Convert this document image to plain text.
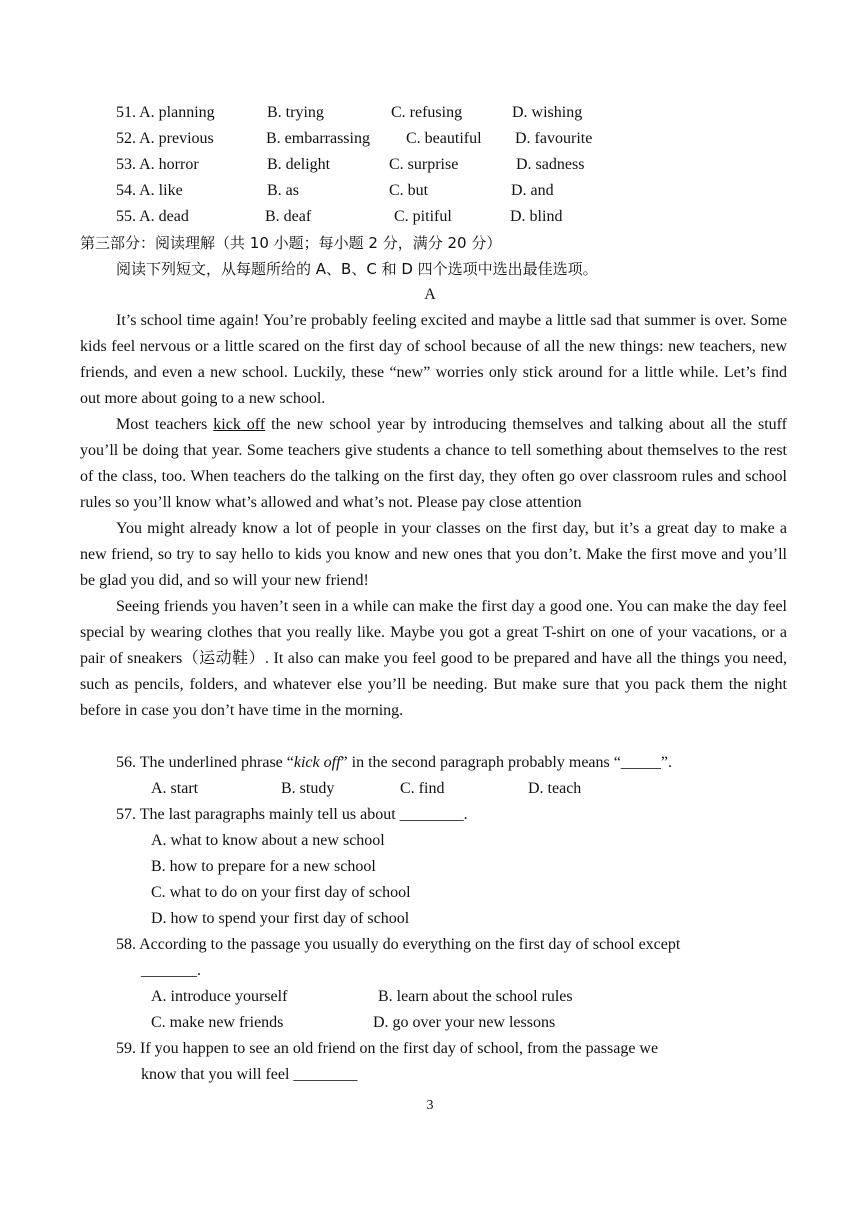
51. A. planning	B. trying	C. refusing	D. wishing
52. A. previous	B. embarrassing C. beautiful D. favourite
53. A. horror	B. delight	C. surprise	D. sadness
54. A. like	B. as	C. but	D. and
55. A. dead	B. deaf	C. pitiful	D. blind
第三部分：阅读理解（共 10 小题；每小题 2 分，满分 20 分）
阅读下列短文，从每题所给的 A、B、C 和 D 四个选项中选出最佳选项。
A

It’s school time again! You’re probably feeling excited and maybe a little sad that summer is over. Some kids feel nervous or a little scared on the first day of school because of all the new things: new teachers, new friends, and even a new school. Luckily, these “new” worries only stick around for a little while. Let’s find out more about going to a new school.

Most teachers kick off the new school year by introducing themselves and talking about all the stuff you’ll be doing that year. Some teachers give students a chance to tell something about themselves to the rest of the class, too. When teachers do the talking on the first day, they often go over classroom rules and school rules so you’ll know what’s allowed and what’s not. Please pay close attention

You might already know a lot of people in your classes on the first day, but it’s a great day to make a new friend, so try to say hello to kids you know and new ones that you don’t. Make the first move and you’ll be glad you did, and so will your new friend!

Seeing friends you haven’t seen in a while can make the first day a good one. You can make the day feel special by wearing clothes that you really like. Maybe you got a great T-shirt on one of your vacations, or a pair of sneakers（运动鞋）. It also can make you feel good to be prepared and have all the things you need, such as pencils, folders, and whatever else you’ll be needing. But make sure that you pack them the night before in case you don’t have time in the morning.

56. The underlined phrase “kick off” in the second paragraph probably means “_____”.
A. start	B. study	C. find	D. teach
57. The last paragraphs mainly tell us about ________.
A. what to know about a new school
B. how to prepare for a new school
C. what to do on your first day of school
D. how to spend your first day of school
58. According to the passage you usually do everything on the first day of school except
_______.
A. introduce yourself	B. learn about the school rules
C. make new friends	D. go over your new lessons
59. If you happen to see an old friend on the first day of school, from the passage we
know that you will feel ________
3
